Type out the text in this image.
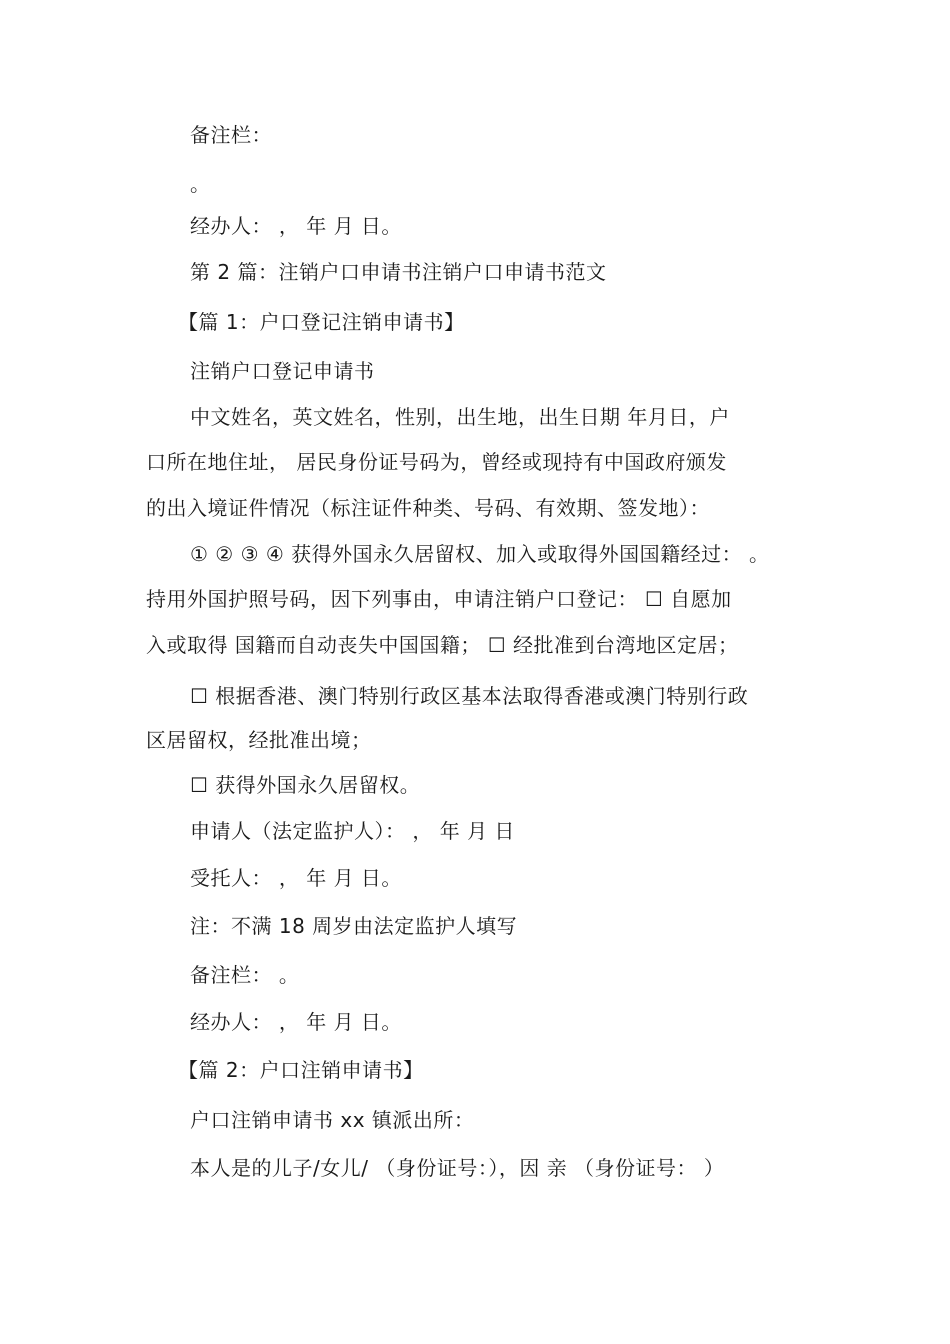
备注栏：
。
经办人： ， 年 月 日。
第 2 篇：注销户口申请书注销户口申请书范文
【篇 1：户口登记注销申请书】
注销户口登记申请书
中文姓名，英文姓名，性别，出生地，出生日期 年月日，户
口所在地住址， 居民身份证号码为，曾经或现持有中国政府颁发
的出入境证件情况（标注证件种类、号码、有效期、签发地）：
① ② ③ ④ 获得外国永久居留权、加入或取得外国国籍经过： 。
持用外国护照号码，因下列事由，申请注销户口登记： ☐ 自愿加
入或取得 国籍而自动丧失中国国籍； ☐ 经批准到台湾地区定居；
☐ 根据香港、澳门特别行政区基本法取得香港或澳门特别行政
区居留权，经批准出境；
☐ 获得外国永久居留权。
申请人（法定监护人）： ， 年 月 日
受托人： ， 年 月 日。
注：不满 18 周岁由法定监护人填写
备注栏： 。
经办人： ， 年 月 日。
【篇 2：户口注销申请书】
户口注销申请书 xx 镇派出所：
本人是的儿子/女儿/ （身份证号：），因 亲 （身份证号： ）
